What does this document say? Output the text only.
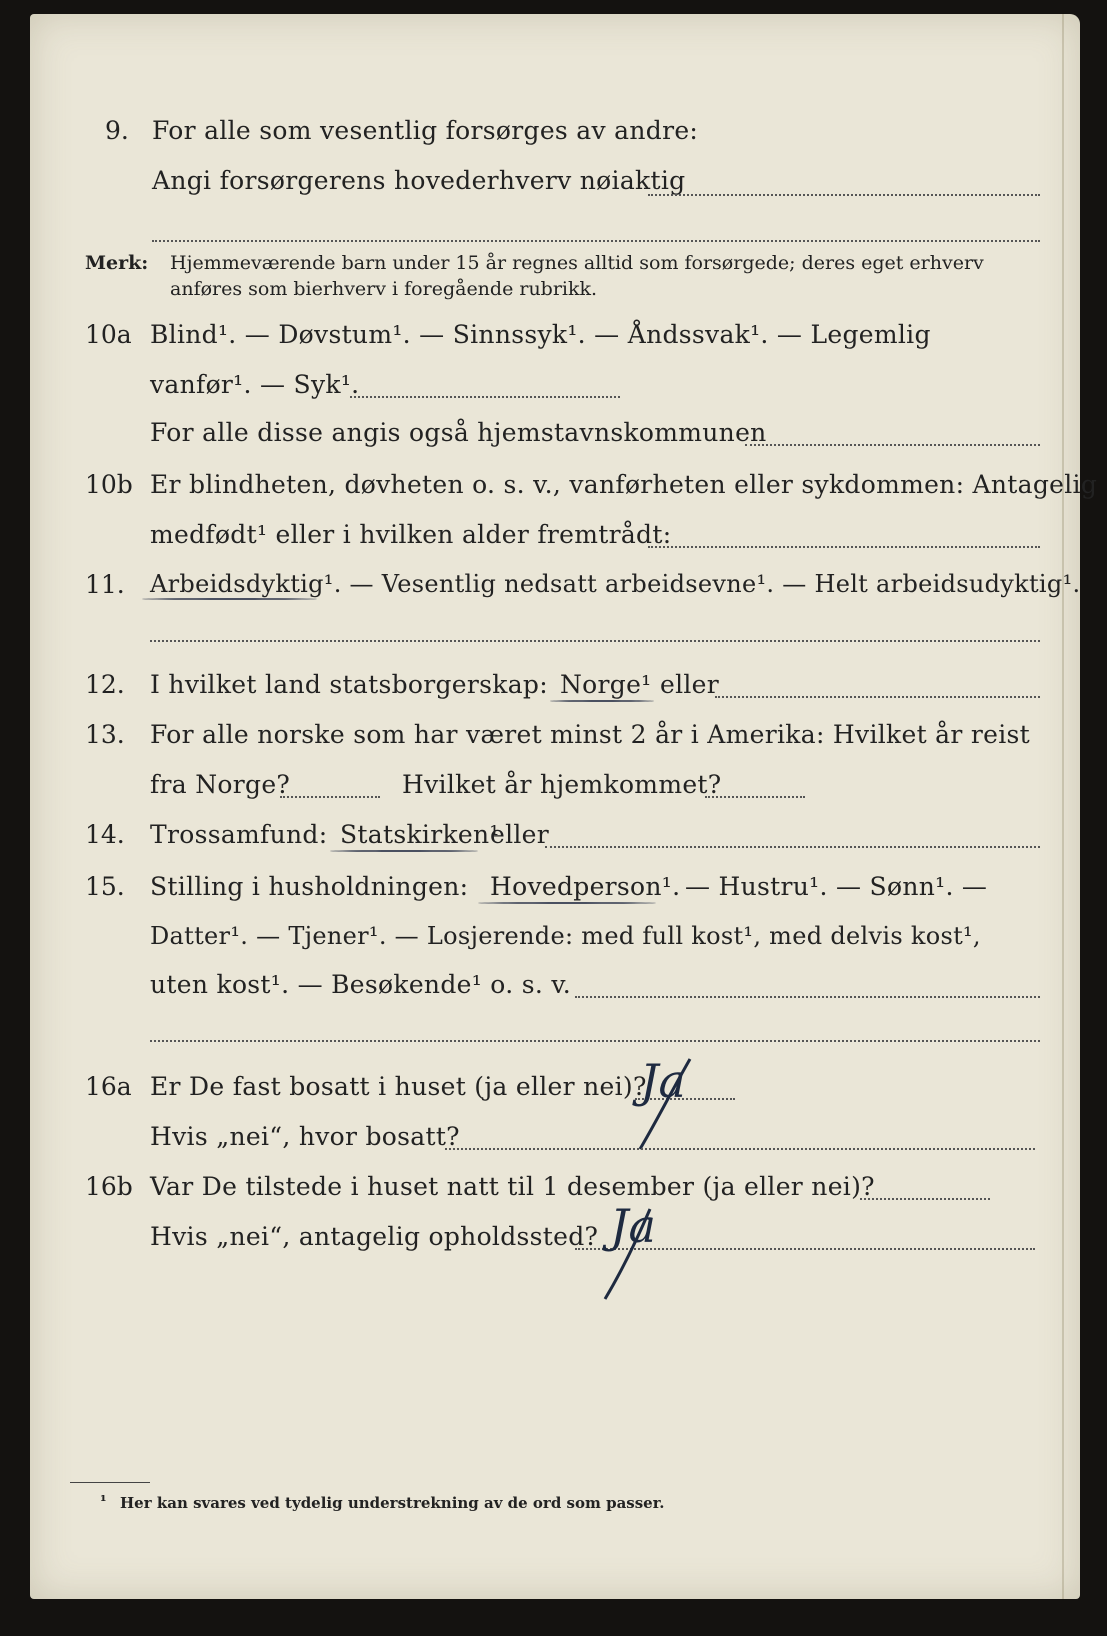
9. For alle som vesentlig forsørges av andre:
Angi forsørgerens hovederhverv nøiaktig
Merk: Hjemmeværende barn under 15 år regnes alltid som forsørgede; deres eget erhverv
anføres som bierhverv i foregående rubrikk.
10a Blind¹. — Døvstum¹. — Sinnssyk¹. — Åndssvak¹. — Legemlig
vanfør¹. — Syk¹.
For alle disse angis også hjemstavnskommunen
10b Er blindheten, døvheten o. s. v., vanførheten eller sykdommen: Antagelig
medfødt¹ eller i hvilken alder fremtrådt:
11. Arbeidsdyktig¹. — Vesentlig nedsatt arbeidsevne¹. — Helt arbeidsudyktig¹.
12. I hvilket land statsborgerskap: Norge¹ eller
13. For alle norske som har været minst 2 år i Amerika: Hvilket år reist
fra Norge?	Hvilket år hjemkommet?
14. Trossamfund: Statskirken¹
eller
15. Stilling i husholdningen: Hovedperson¹. — Hustru¹. — Sønn¹. —
Datter¹. — Tjener¹. — Losjerende: med full kost¹, med delvis kost¹,
uten kost¹. — Besøkende¹ o. s. v.
16a Er De fast bosatt i huset (ja eller nei)?
Ja
Hvis „nei“, hvor bosatt?
16b Var De tilstede i huset natt til 1 desember (ja eller nei)?
Hvis „nei“, antagelig opholdssted? Ja
¹ Her kan svares ved tydelig understrekning av de ord som passer.
